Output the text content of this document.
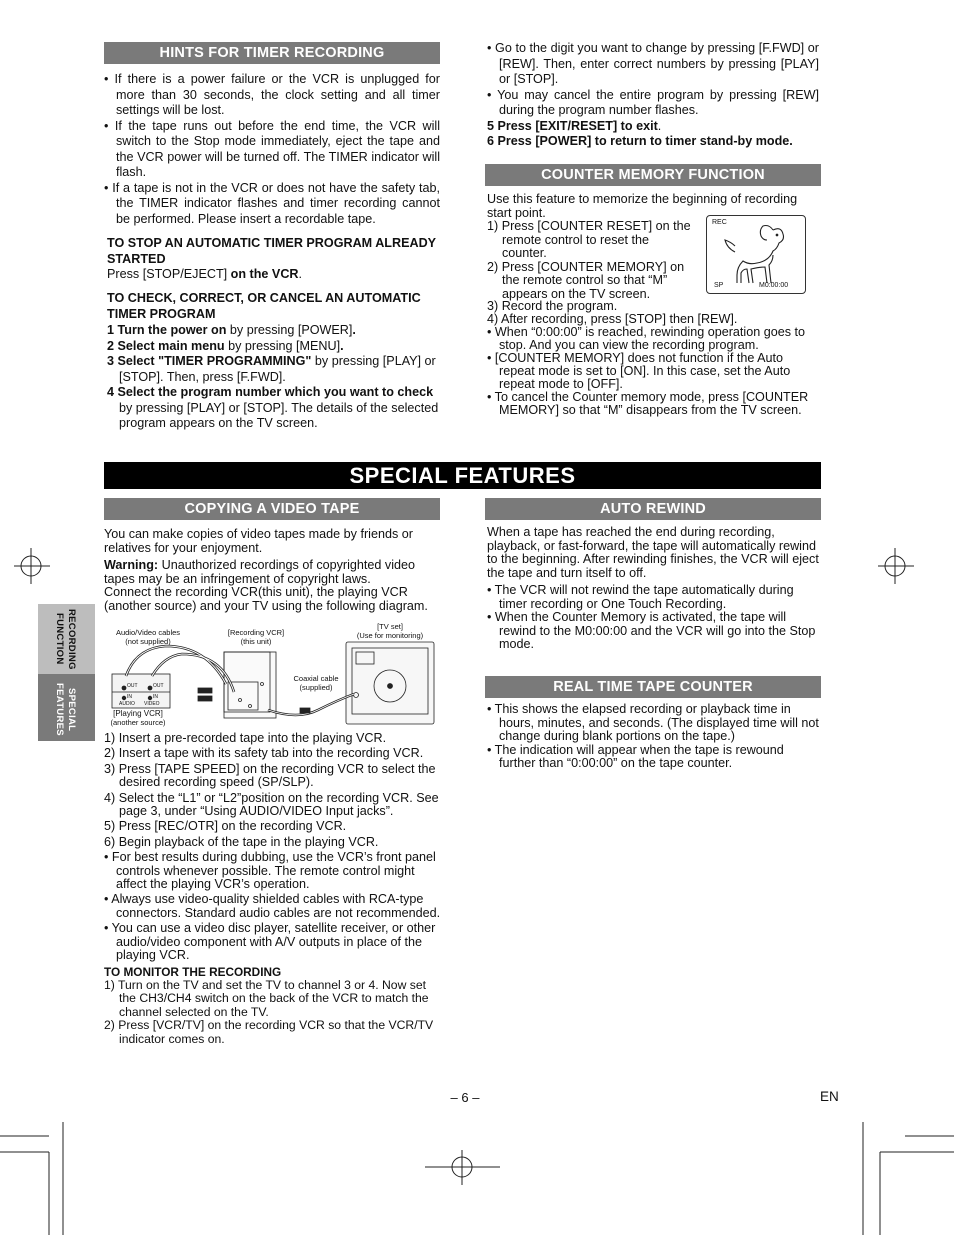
RECORDING
FUNCTION
SPECIAL
FEATURES
HINTS FOR TIMER RECORDING

• If there is a power failure or the VCR is unplugged for more than 30 seconds, the clock setting and all timer settings will be lost.

• If the tape runs out before the end time, the VCR will switch to the Stop mode immediately, eject the tape and the VCR power will be turned off. The TIMER indicator will flash.

• If a tape is not in the VCR or does not have the safety tab, the TIMER indicator flashes and timer recording cannot be performed. Please insert a recordable tape.

TO STOP AN AUTOMATIC TIMER PROGRAM ALREADY STARTED

Press [STOP/EJECT] on the VCR.

TO CHECK, CORRECT, OR CANCEL AN AUTOMATIC TIMER PROGRAM

1 Turn the power on by pressing [POWER].

2 Select main menu by pressing [MENU].

3 Select "TIMER PROGRAMMING" by pressing [PLAY] or [STOP]. Then, press [F.FWD].

4 Select the program number which you want to check by pressing [PLAY] or [STOP]. The details of the selected program appears on the TV screen.

• Go to the digit you want to change by pressing [F.FWD] or [REW]. Then, enter correct numbers by pressing [PLAY] or [STOP].

• You may cancel the entire program by pressing [REW] during the program number flashes.

5 Press [EXIT/RESET] to exit.

6 Press [POWER] to return to timer stand-by mode.

COUNTER MEMORY FUNCTION
Use this feature to memorize the beginning of recording start point.

1) Press [COUNTER RESET] on the remote control to reset the counter.

2) Press [COUNTER MEMORY] on the remote control so that “M” appears on the TV screen.

3) Record the program.

4) After recording, press [STOP] then [REW].

• When “0:00:00” is reached, rewinding operation goes to stop. And you can view the recording program.

• [COUNTER MEMORY] does not function if the Auto repeat mode is set to [ON]. In this case, set the Auto repeat mode to [OFF].

• To cancel the Counter memory mode, press [COUNTER MEMORY] so that “M” disappears from the TV screen.

REC
SP	M0:00:00
SPECIAL FEATURES
COPYING A VIDEO TAPE

You can make copies of video tapes made by friends or relatives for your enjoyment.

Warning: Unauthorized recordings of copyrighted video tapes may be an infringement of copyright laws.

Connect the recording VCR(this unit), the playing VCR (another source) and your TV using the following diagram.

Audio/Video cables
(not supplied)
[Recording VCR]
(this unit)
[TV set]
(Use for monitoring)
Coaxial cable
(supplied)
[Playing VCR]
(another source)
OUT	OUT
IN	IN
AUDIO VIDEO

1) Insert a pre-recorded tape into the playing VCR.

2) Insert a tape with its safety tab into the recording VCR.

3) Press [TAPE SPEED] on the recording VCR to select the desired recording speed (SP/SLP).

4) Select the “L1” or “L2”position on the recording VCR. See page 3, under “Using AUDIO/VIDEO Input jacks”.

5) Press [REC/OTR] on the recording VCR.

6) Begin playback of the tape in the playing VCR.

• For best results during dubbing, use the VCR’s front panel controls whenever possible. The remote control might affect the playing VCR’s operation.

• Always use video-quality shielded cables with RCA-type connectors. Standard audio cables are not recommended.

• You can use a video disc player, satellite receiver, or other audio/video component with A/V outputs in place of the playing VCR.

TO MONITOR THE RECORDING

1) Turn on the TV and set the TV to channel 3 or 4. Now set the CH3/CH4 switch on the back of the VCR to match the channel selected on the TV.

2) Press [VCR/TV] on the recording VCR so that the VCR/TV indicator comes on.

AUTO REWIND

When a tape has reached the end during recording, playback, or fast-forward, the tape will automatically rewind to the beginning. After rewinding finishes, the VCR will eject the tape and turn itself to off.

• The VCR will not rewind the tape automatically during timer recording or One Touch Recording.

• When the Counter Memory is activated, the tape will rewind to the M0:00:00 and the VCR will go into the Stop mode.

REAL TIME TAPE COUNTER

• This shows the elapsed recording or playback time in hours, minutes, and seconds. (The displayed time will not change during blank portions on the tape.)

• The indication will appear when the tape is rewound further than “0:00:00” on the tape counter.

– 6 –	EN
